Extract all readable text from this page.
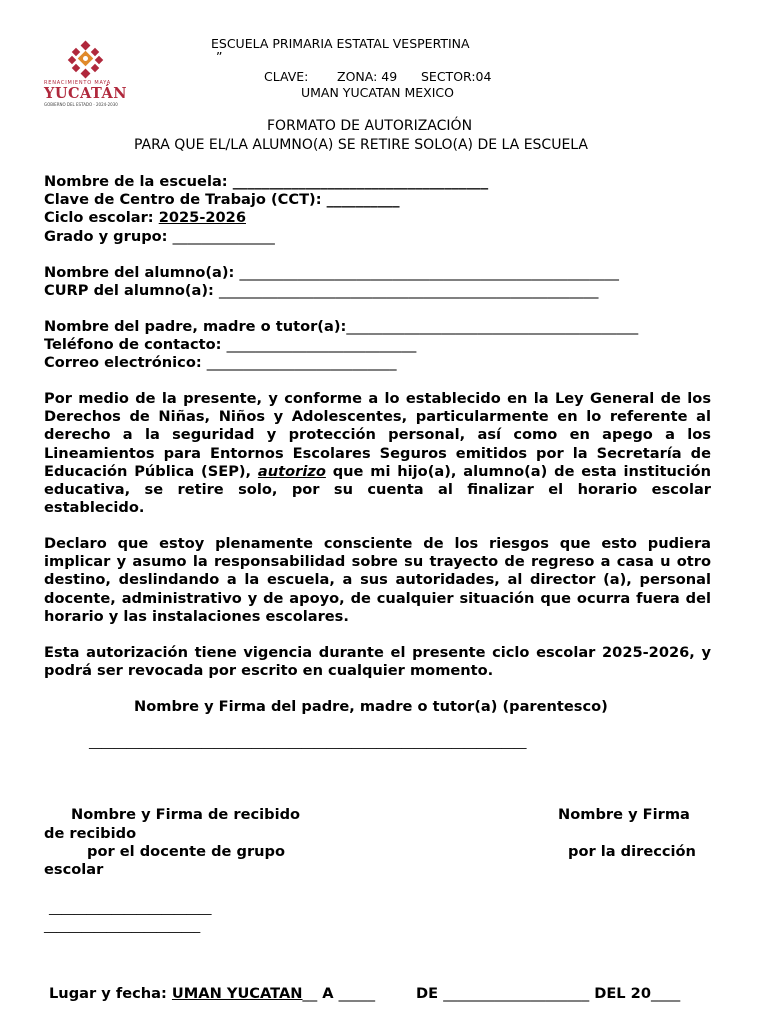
RENACIMIENTO MAYA
YUCATÁN
GOBIERNO DEL ESTADO · 2024-2030
ESCUELA PRIMARIA ESTATAL VESPERTINA
”
CLAVE: ZONA: 49 SECTOR:04
UMAN YUCATAN MEXICO
FORMATO DE AUTORIZACIÓN
PARA QUE EL/LA ALUMNO(A) SE RETIRE SOLO(A) DE LA ESCUELA
Nombre de la escuela: ___________________________________
Clave de Centro de Trabajo (CCT): __________
Ciclo escolar: 2025-2026
Grado y grupo: ______________
Nombre del alumno(a): ____________________________________________________
CURP del alumno(a): ____________________________________________________
Nombre del padre, madre o tutor(a):________________________________________
Teléfono de contacto: __________________________
Correo electrónico: __________________________
Por medio de la presente, y conforme a lo establecido en la Ley General de los Derechos de Niñas, Niños y Adolescentes, particularmente en lo referente al derecho a la seguridad y protección personal, así como en apego a los Lineamientos para Entornos Escolares Seguros emitidos por la Secretaría de Educación Pública (SEP), autorizo que mi hijo(a), alumno(a) de esta institución educativa, se retire solo, por su cuenta al finalizar el horario escolar establecido.
Declaro que estoy plenamente consciente de los riesgos que esto pudiera implicar y asumo la responsabilidad sobre su trayecto de regreso a casa u otro destino, deslindando a la escuela, a sus autoridades, al director (a), personal docente, administrativo y de apoyo, de cualquier situación que ocurra fuera del horario y las instalaciones escolares.
Esta autorización tiene vigencia durante el presente ciclo escolar 2025-2026, y podrá ser revocada por escrito en cualquier momento.
Nombre y Firma del padre, madre o tutor(a) (parentesco)
______________________________________________________________________
Nombre y Firma de recibido	Nombre y Firma
de recibido
por el docente de grupo	por la dirección
escolar
__________________________
_________________________
Lugar y fecha: UMAN YUCATAN__ A _____	DE ____________________ DEL 20____
